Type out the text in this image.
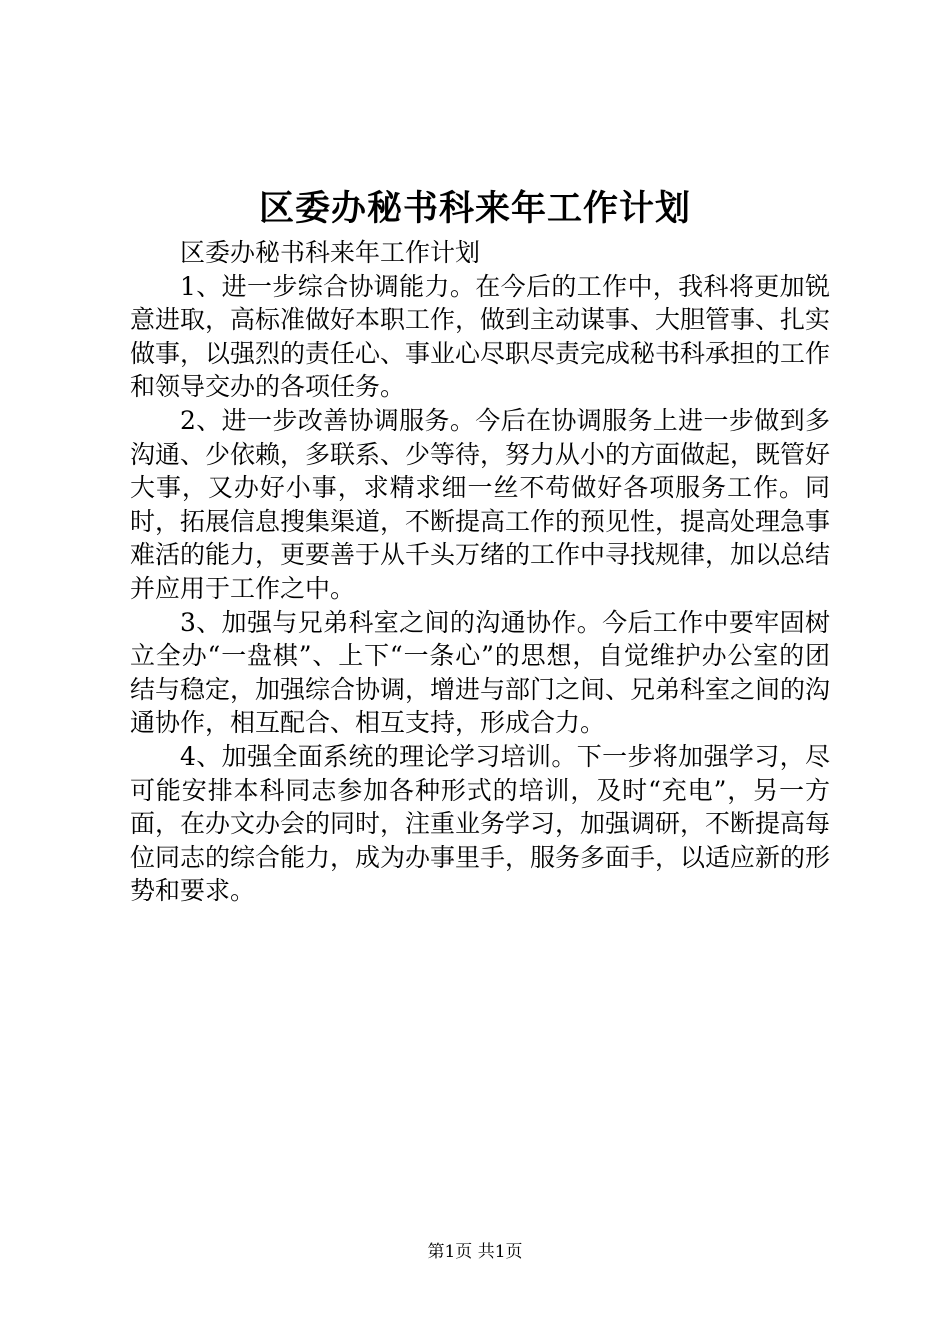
区委办秘书科来年工作计划

区委办秘书科来年工作计划

1、进一步综合协调能力。在今后的工作中，我科将更加锐意进取，高标准做好本职工作，做到主动谋事、大胆管事、扎实做事，以强烈的责任心、事业心尽职尽责完成秘书科承担的工作和领导交办的各项任务。

2、进一步改善协调服务。今后在协调服务上进一步做到多沟通、少依赖，多联系、少等待，努力从小的方面做起，既管好大事，又办好小事，求精求细一丝不苟做好各项服务工作。同时，拓展信息搜集渠道，不断提高工作的预见性，提高处理急事难活的能力，更要善于从千头万绪的工作中寻找规律，加以总结并应用于工作之中。

3、加强与兄弟科室之间的沟通协作。今后工作中要牢固树立全办“一盘棋”、上下“一条心”的思想，自觉维护办公室的团结与稳定，加强综合协调，增进与部门之间、兄弟科室之间的沟通协作，相互配合、相互支持，形成合力。

4、加强全面系统的理论学习培训。下一步将加强学习，尽可能安排本科同志参加各种形式的培训，及时“充电”，另一方面，在办文办会的同时，注重业务学习，加强调研，不断提高每位同志的综合能力，成为办事里手，服务多面手，以适应新的形势和要求。

第1页 共1页
